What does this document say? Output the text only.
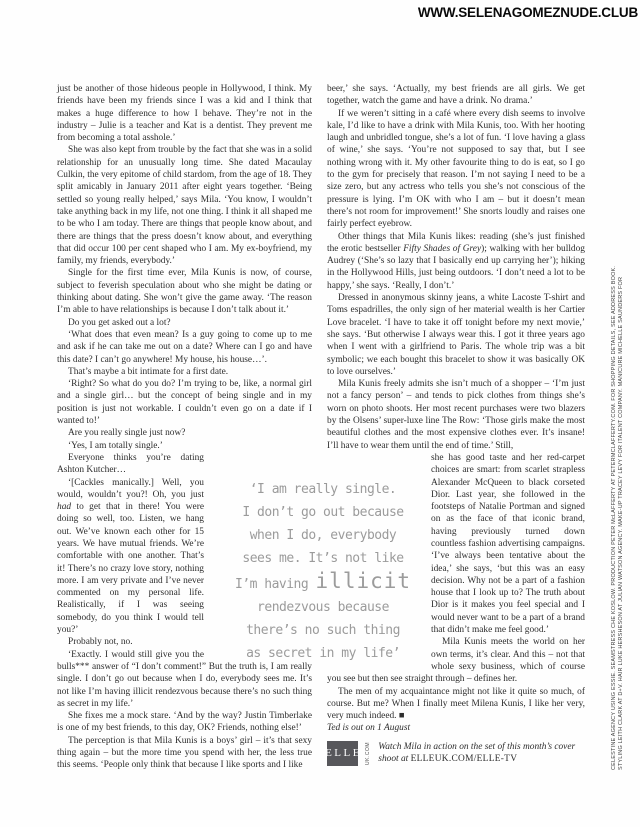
WWW.SELENAGOMEZNUDE.CLUB
CELESTINE AGENCY USING ESSIE. SEAMSTRESS CHE KOSLOW. PRODUCTION PETER McLAFFERTY AT PETERMCLAFFERTY.COM. FOR SHOPPING DETAILS, SEE ADDRESS BOOK. STYLING LEITH CLARK AT D+V. HAIR LUKE HERSHESON AT JULIAN WATSON AGENCY. MAKE-UP TRACEY LEVY FOR ITALENT COMPANY. MANICURE MICHELLE SAUNDERS FOR

just be another of those hideous people in Hollywood, I think. My friends have been my friends since I was a kid and I think that makes a huge difference to how I behave. They’re not in the industry – Julie is a teacher and Kat is a dentist. They prevent me from becoming a total asshole.’

She was also kept from trouble by the fact that she was in a solid relationship for an unusually long time. She dated Macaulay Culkin, the very epitome of child stardom, from the age of 18. They split amicably in January 2011 after eight years together. ‘Being settled so young really helped,’ says Mila. ‘You know, I wouldn’t take anything back in my life, not one thing. I think it all shaped me to be who I am today. There are things that people know about, and there are things that the press doesn’t know about, and everything that did occur 100 per cent shaped who I am. My ex-boyfriend, my family, my friends, everybody.’

Single for the first time ever, Mila Kunis is now, of course, subject to feverish speculation about who she might be dating or thinking about dating. She won’t give the game away. ‘The reason I’m able to have relationships is because I don’t talk about it.’

Do you get asked out a lot?

‘What does that even mean? Is a guy going to come up to me and ask if he can take me out on a date? Where can I go and have this date? I can’t go anywhere! My house, his house…’.

That’s maybe a bit intimate for a first date.

‘Right? So what do you do? I’m trying to be, like, a normal girl and a single girl… but the concept of being single and in my position is just not workable. I couldn’t even go on a date if I wanted to!’

Are you really single just now?

‘Yes, I am totally single.’

Everyone thinks you’re dating Ashton Kutcher…

‘[Cackles manically.] Well, you would, wouldn’t you?! Oh, you just had to get that in there! You were doing so well, too. Listen, we hang out. We’ve known each other for 15 years. We have mutual friends. We’re comfortable with one another. That’s it! There’s no crazy love story, nothing more. I am very private and I’ve never commented on my personal life. Realistically, if I was seeing somebody, do you think I would tell you?’

Probably not, no.

‘Exactly. I would still give you the bulls*** answer of “I don’t comment!” But the truth is, I am really single. I don’t go out because when I do, everybody sees me. It’s not like I’m having illicit rendezvous because there’s no such thing as secret in my life.’

She fixes me a mock stare. ‘And by the way? Justin Timberlake is one of my best friends, to this day, OK? Friends, nothing else!’

The perception is that Mila Kunis is a boys’ girl – it’s that sexy thing again – but the more time you spend with her, the less true this seems. ‘People only think that because I like sports and I like

beer,’ she says. ‘Actually, my best friends are all girls. We get together, watch the game and have a drink. No drama.’

If we weren’t sitting in a café where every dish seems to involve kale, I’d like to have a drink with Mila Kunis, too. With her hooting laugh and unbridled tongue, she’s a lot of fun. ‘I love having a glass of wine,’ she says. ‘You’re not supposed to say that, but I see nothing wrong with it. My other favourite thing to do is eat, so I go to the gym for precisely that reason. I’m not saying I need to be a size zero, but any actress who tells you she’s not conscious of the pressure is lying. I’m OK with who I am – but it doesn’t mean there’s not room for improvement!’ She snorts loudly and raises one fairly perfect eyebrow.

Other things that Mila Kunis likes: reading (she’s just finished the erotic bestseller Fifty Shades of Grey); walking with her bulldog Audrey (‘She’s so lazy that I basically end up carrying her’); hiking in the Hollywood Hills, just being outdoors. ‘I don’t need a lot to be happy,’ she says. ‘Really, I don’t.’

Dressed in anonymous skinny jeans, a white Lacoste T-shirt and Toms espadrilles, the only sign of her material wealth is her Cartier Love bracelet. ‘I have to take it off tonight before my next movie,’ she says. ‘But otherwise I always wear this. I got it three years ago when I went with a girlfriend to Paris. The whole trip was a bit symbolic; we each bought this bracelet to show it was basically OK to love ourselves.’

Mila Kunis freely admits she isn’t much of a shopper – ‘I’m just not a fancy person’ – and tends to pick clothes from things she’s worn on photo shoots. Her most recent purchases were two blazers by the Olsens’ super-luxe line The Row: ‘Those girls make the most beautiful clothes and the most expensive clothes ever. It’s insane! I’ll have to wear them until the end of time.’ Still,

she has good taste and her red-carpet choices are smart: from scarlet strapless Alexander McQueen to black corseted Dior. Last year, she followed in the footsteps of Natalie Portman and signed on as the face of that iconic brand, having previously turned down countless fashion advertising campaigns. ‘I’ve always been tentative about the idea,’ she says, ‘but this was an easy decision. Why not be a part of a fashion house that I look up to? The truth about Dior is it makes you feel special and I would never want to be a part of a brand that didn’t make me feel good.’

Mila Kunis meets the world on her own terms, it’s clear. And this – not that whole sexy business, which of course you see but then see straight through – defines her.

The men of my acquaintance might not like it quite so much, of course. But me? When I finally meet Milena Kunis, I like her very, very much indeed. ■

Ted is out on 1 August

ELLE UK.COM Watch Mila in action on the set of this month’s cover shoot at ELLEUK.COM/ELLE-TV
‘I am really single.
I don’t go out because
when I do, everybody
sees me. It’s not like
I’m having illicit
rendezvous because
there’s no such thing
as secret in my life’
